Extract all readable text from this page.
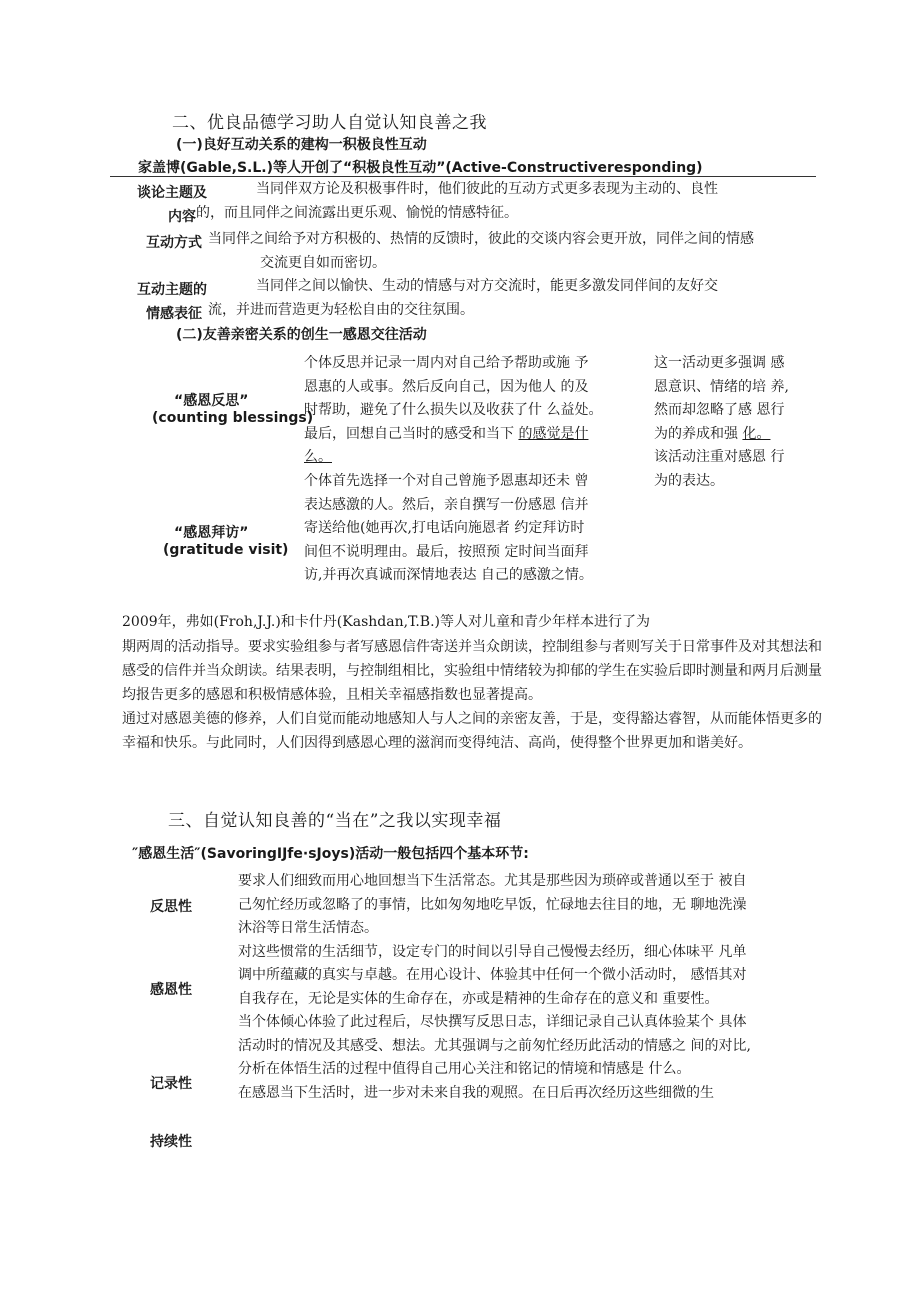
二、优良品德学习助人自觉认知良善之我
(一)良好互动关系的建构一积极良性互动
家盖博(Gable,S.L.)等人开创了“积极良性互动”(Active-Constructiveresponding)
谈论主题及	当同伴双方论及积极事件时，他们彼此的互动方式更多表现为主动的、良性
内容 的，而且同伴之间流露出更乐观、愉悦的情感特征。
互动方式 当同伴之间给予对方积极的、热情的反馈时，彼此的交谈内容会更开放，同伴之间的情感
交流更自如而密切。
互动主题的	当同伴之间以愉快、生动的情感与对方交流时，能更多激发同伴间的友好交
情感表征 流，并进而营造更为轻松自由的交往氛围。
(二)友善亲密关系的创生一感恩交往活动
“感恩反思”
(counting blessings)
个体反思并记录一周内对自己给予帮助或施 予
恩惠的人或事。然后反向自己，因为他人 的及
时帮助，避免了什么损失以及收获了什 么益处。
最后，回想自己当时的感受和当下 的感觉是什
么。
“感恩拜访”
(gratitude visit)
个体首先选择一个对自己曾施予恩惠却还未 曾
表达感激的人。然后，亲自撰写一份感恩 信并
寄送给他(她再次,打电话向施恩者 约定拜访时
间但不说明理由。最后，按照预 定时间当面拜
访,并再次真诚而深情地表达 自己的感激之情。
这一活动更多强调 感
恩意识、情绪的培 养,
然而却忽略了感 恩行
为的养成和强 化。
该活动注重对感恩 行
为的表达。
2009年，弗如(Froh,J.J.)和卡什丹(Kashdan,T.B.)等人对儿童和青少年样本进行了为
期两周的活动指导。要求实验组参与者写感恩信件寄送并当众朗读，控制组参与者则写关于日常事件及对其想法和感受的信件并当众朗读。结果表明，与控制组相比，实验组中情绪较为抑郁的学生在实验后即时测量和两月后测量均报告更多的感恩和积极情感体验，且相关幸福感指数也显著提高。
通过对感恩美德的修养，人们自觉而能动地感知人与人之间的亲密友善，于是，变得豁达睿智，从而能体悟更多的幸福和快乐。与此同时，人们因得到感恩心理的滋润而变得纯洁、高尚，使得整个世界更加和谐美好。
三、自觉认知良善的“当在”之我以实现幸福
″感恩生活″(SavoringIJfe·sJoys)活动一般包括四个基本环节:
反思性
感恩性
记录性
持续性
要求人们细致而用心地回想当下生活常态。尤其是那些因为琐碎或普通以至于 被自
己匆忙经历或忽略了的事情，比如匆匆地吃早饭，忙碌地去往目的地，无 聊地洗澡
沐浴等日常生活情态。
对这些惯常的生活细节，设定专门的时间以引导自己慢慢去经历，细心体味平 凡单
调中所蕴藏的真实与卓越。在用心设计、体验其中任何一个微小活动时， 感悟其对
自我存在，无论是实体的生命存在，亦或是精神的生命存在的意义和 重要性。
当个体倾心体验了此过程后，尽快撰写反思日志，详细记录自己认真体验某个 具体
活动时的情况及其感受、想法。尤其强调与之前匆忙经历此活动的情感之 间的对比,
分析在体悟生活的过程中值得自己用心关注和铭记的情境和情感是 什么。
在感恩当下生活时，进一步对未来自我的观照。在日后再次经历这些细微的生
